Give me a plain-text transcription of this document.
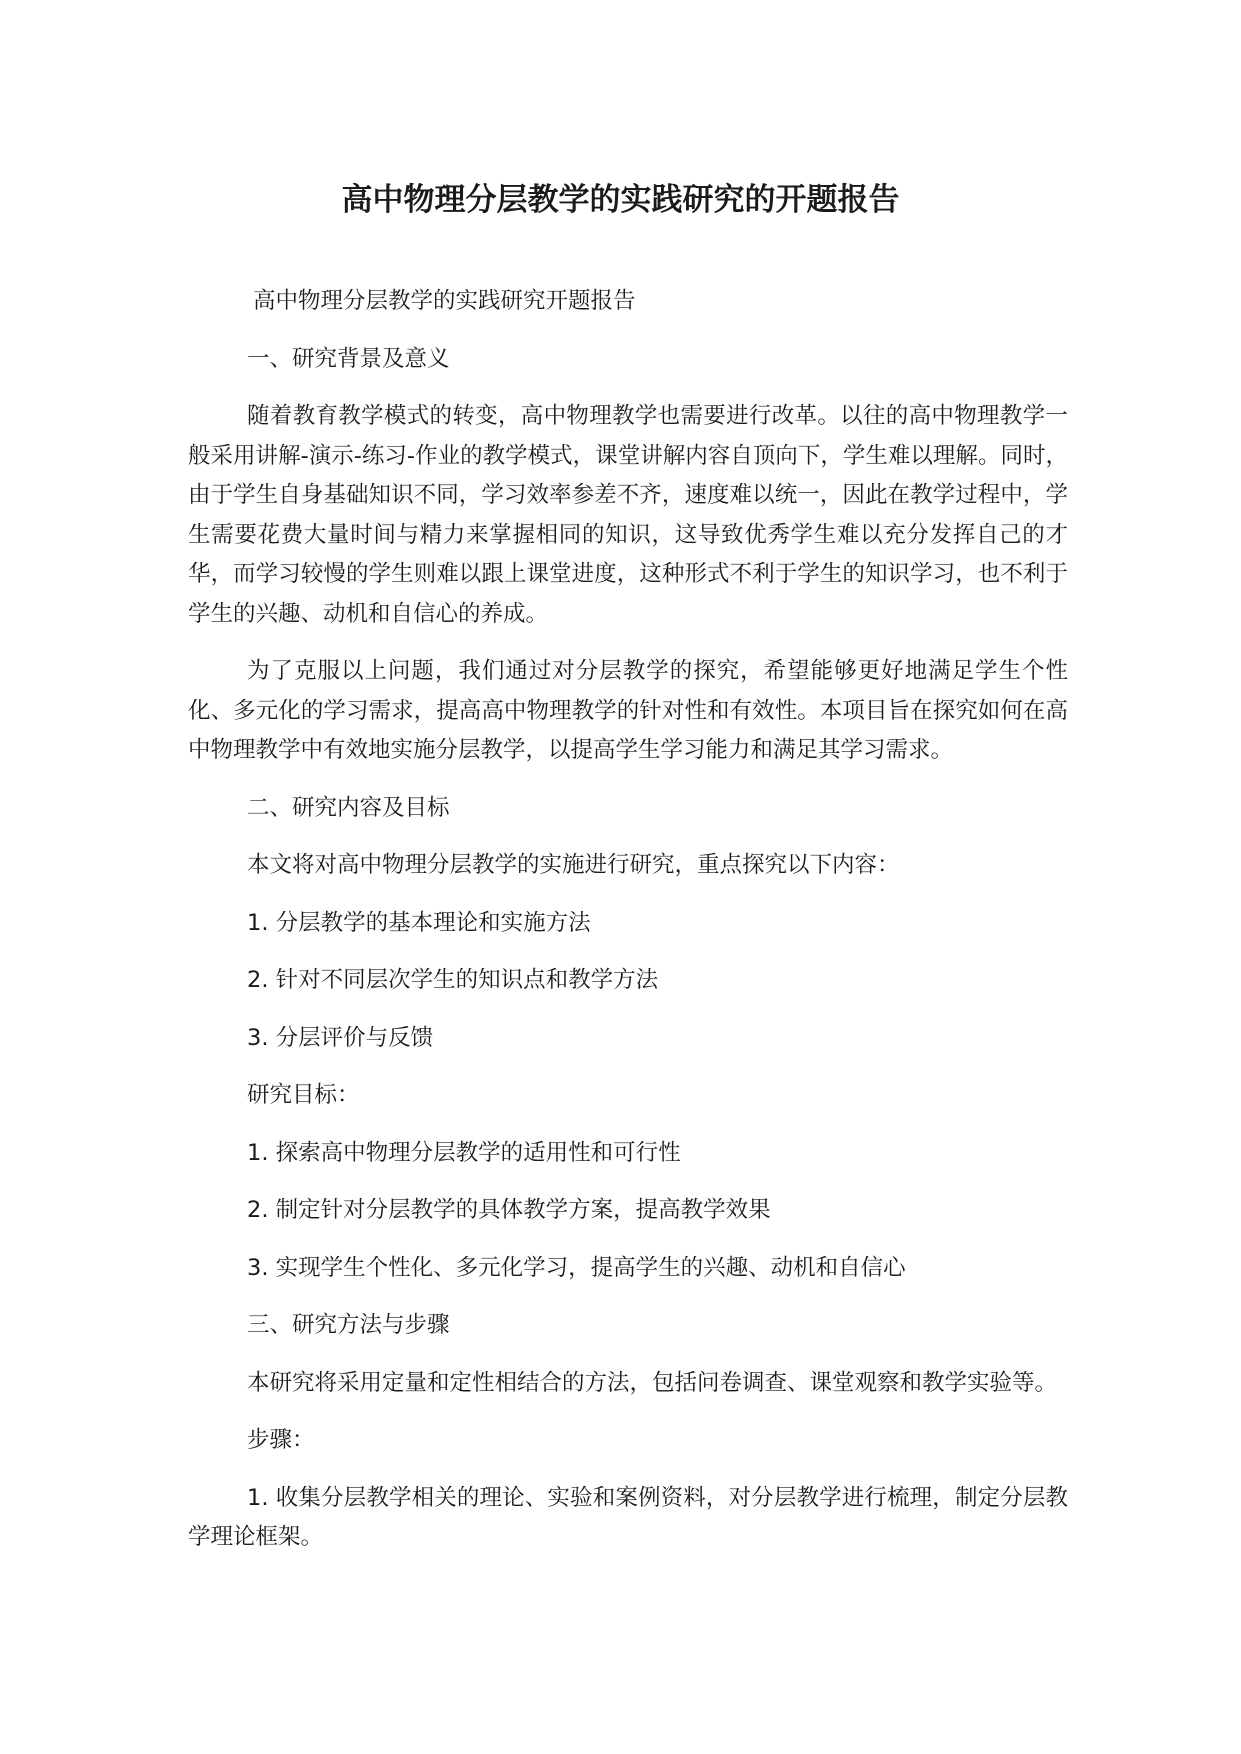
高中物理分层教学的实践研究的开题报告

高中物理分层教学的实践研究开题报告

一、研究背景及意义

随着教育教学模式的转变，高中物理教学也需要进行改革。以往的高中物理教学一般采用讲解-演示-练习-作业的教学模式，课堂讲解内容自顶向下，学生难以理解。同时，由于学生自身基础知识不同，学习效率参差不齐，速度难以统一，因此在教学过程中，学生需要花费大量时间与精力来掌握相同的知识，这导致优秀学生难以充分发挥自己的才华，而学习较慢的学生则难以跟上课堂进度，这种形式不利于学生的知识学习，也不利于学生的兴趣、动机和自信心的养成。

为了克服以上问题，我们通过对分层教学的探究，希望能够更好地满足学生个性化、多元化的学习需求，提高高中物理教学的针对性和有效性。本项目旨在探究如何在高中物理教学中有效地实施分层教学，以提高学生学习能力和满足其学习需求。

二、研究内容及目标

本文将对高中物理分层教学的实施进行研究，重点探究以下内容：

1. 分层教学的基本理论和实施方法

2. 针对不同层次学生的知识点和教学方法

3. 分层评价与反馈

研究目标：

1. 探索高中物理分层教学的适用性和可行性

2. 制定针对分层教学的具体教学方案，提高教学效果

3. 实现学生个性化、多元化学习，提高学生的兴趣、动机和自信心

三、研究方法与步骤

本研究将采用定量和定性相结合的方法，包括问卷调查、课堂观察和教学实验等。

步骤：

1. 收集分层教学相关的理论、实验和案例资料，对分层教学进行梳理，制定分层教学理论框架。
